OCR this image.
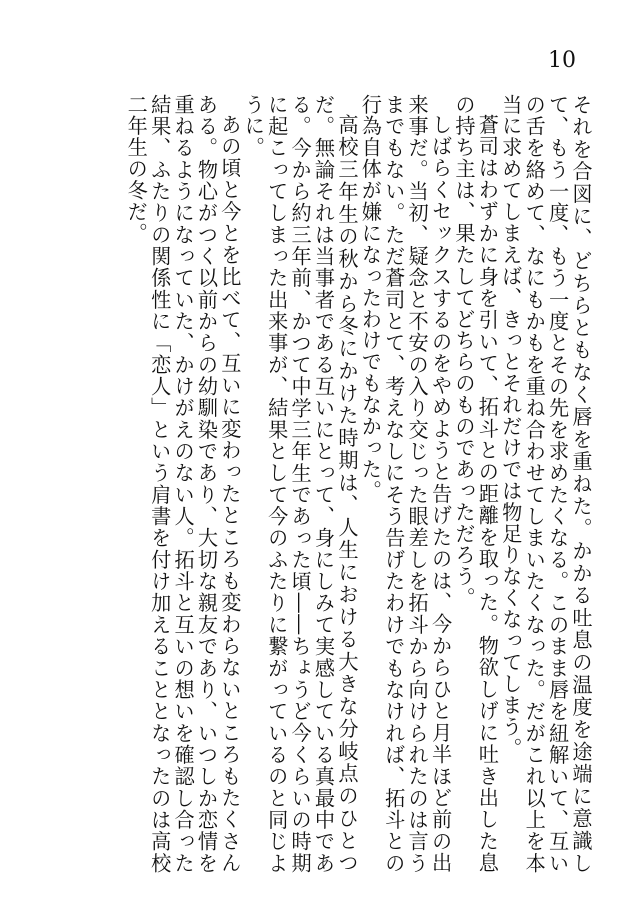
10

それを合図に、どちらともなく唇を重ねた。かかる吐息の温度を途端に意識して、もう一度、もう一度とその先を求めたくなる。このまま唇を紐解いて、互いの舌を絡めて、なにもかもを重ね合わせてしまいたくなった。だがこれ以上を本当に求めてしまえば、きっとそれだけでは物足りなくなってしまう。

蒼司はわずかに身を引いて、拓斗との距離を取った。物欲しげに吐き出した息の持ち主は、果たしてどちらのものであっただろう。

しばらくセックスするのをやめようと告げたのは、今からひと月半ほど前の出来事だ。当初、疑念と不安の入り交じった眼差しを拓斗から向けられたのは言うまでもない。ただ蒼司とて、考えなしにそう告げたわけでもなければ、拓斗との行為自体が嫌になったわけでもなかった。

高校三年生の秋から冬にかけた時期は、人生における大きな分岐点のひとつだ。無論それは当事者である互いにとって、身にしみて実感している真最中である。今から約三年前、かつて中学三年生であった頃――ちょうど今くらいの時期に起こってしまった出来事が、結果として今のふたりに繋がっているのと同じように。

あの頃と今とを比べて、互いに変わったところも変わらないところもたくさんある。物心がつく以前からの幼馴染であり、大切な親友であり、いつしか恋情を重ねるようになっていた、かけがえのない人。拓斗と互いの想いを確認し合った結果、ふたりの関係性に「恋人」という肩書を付け加えることとなったのは高校二年生の冬だ。
